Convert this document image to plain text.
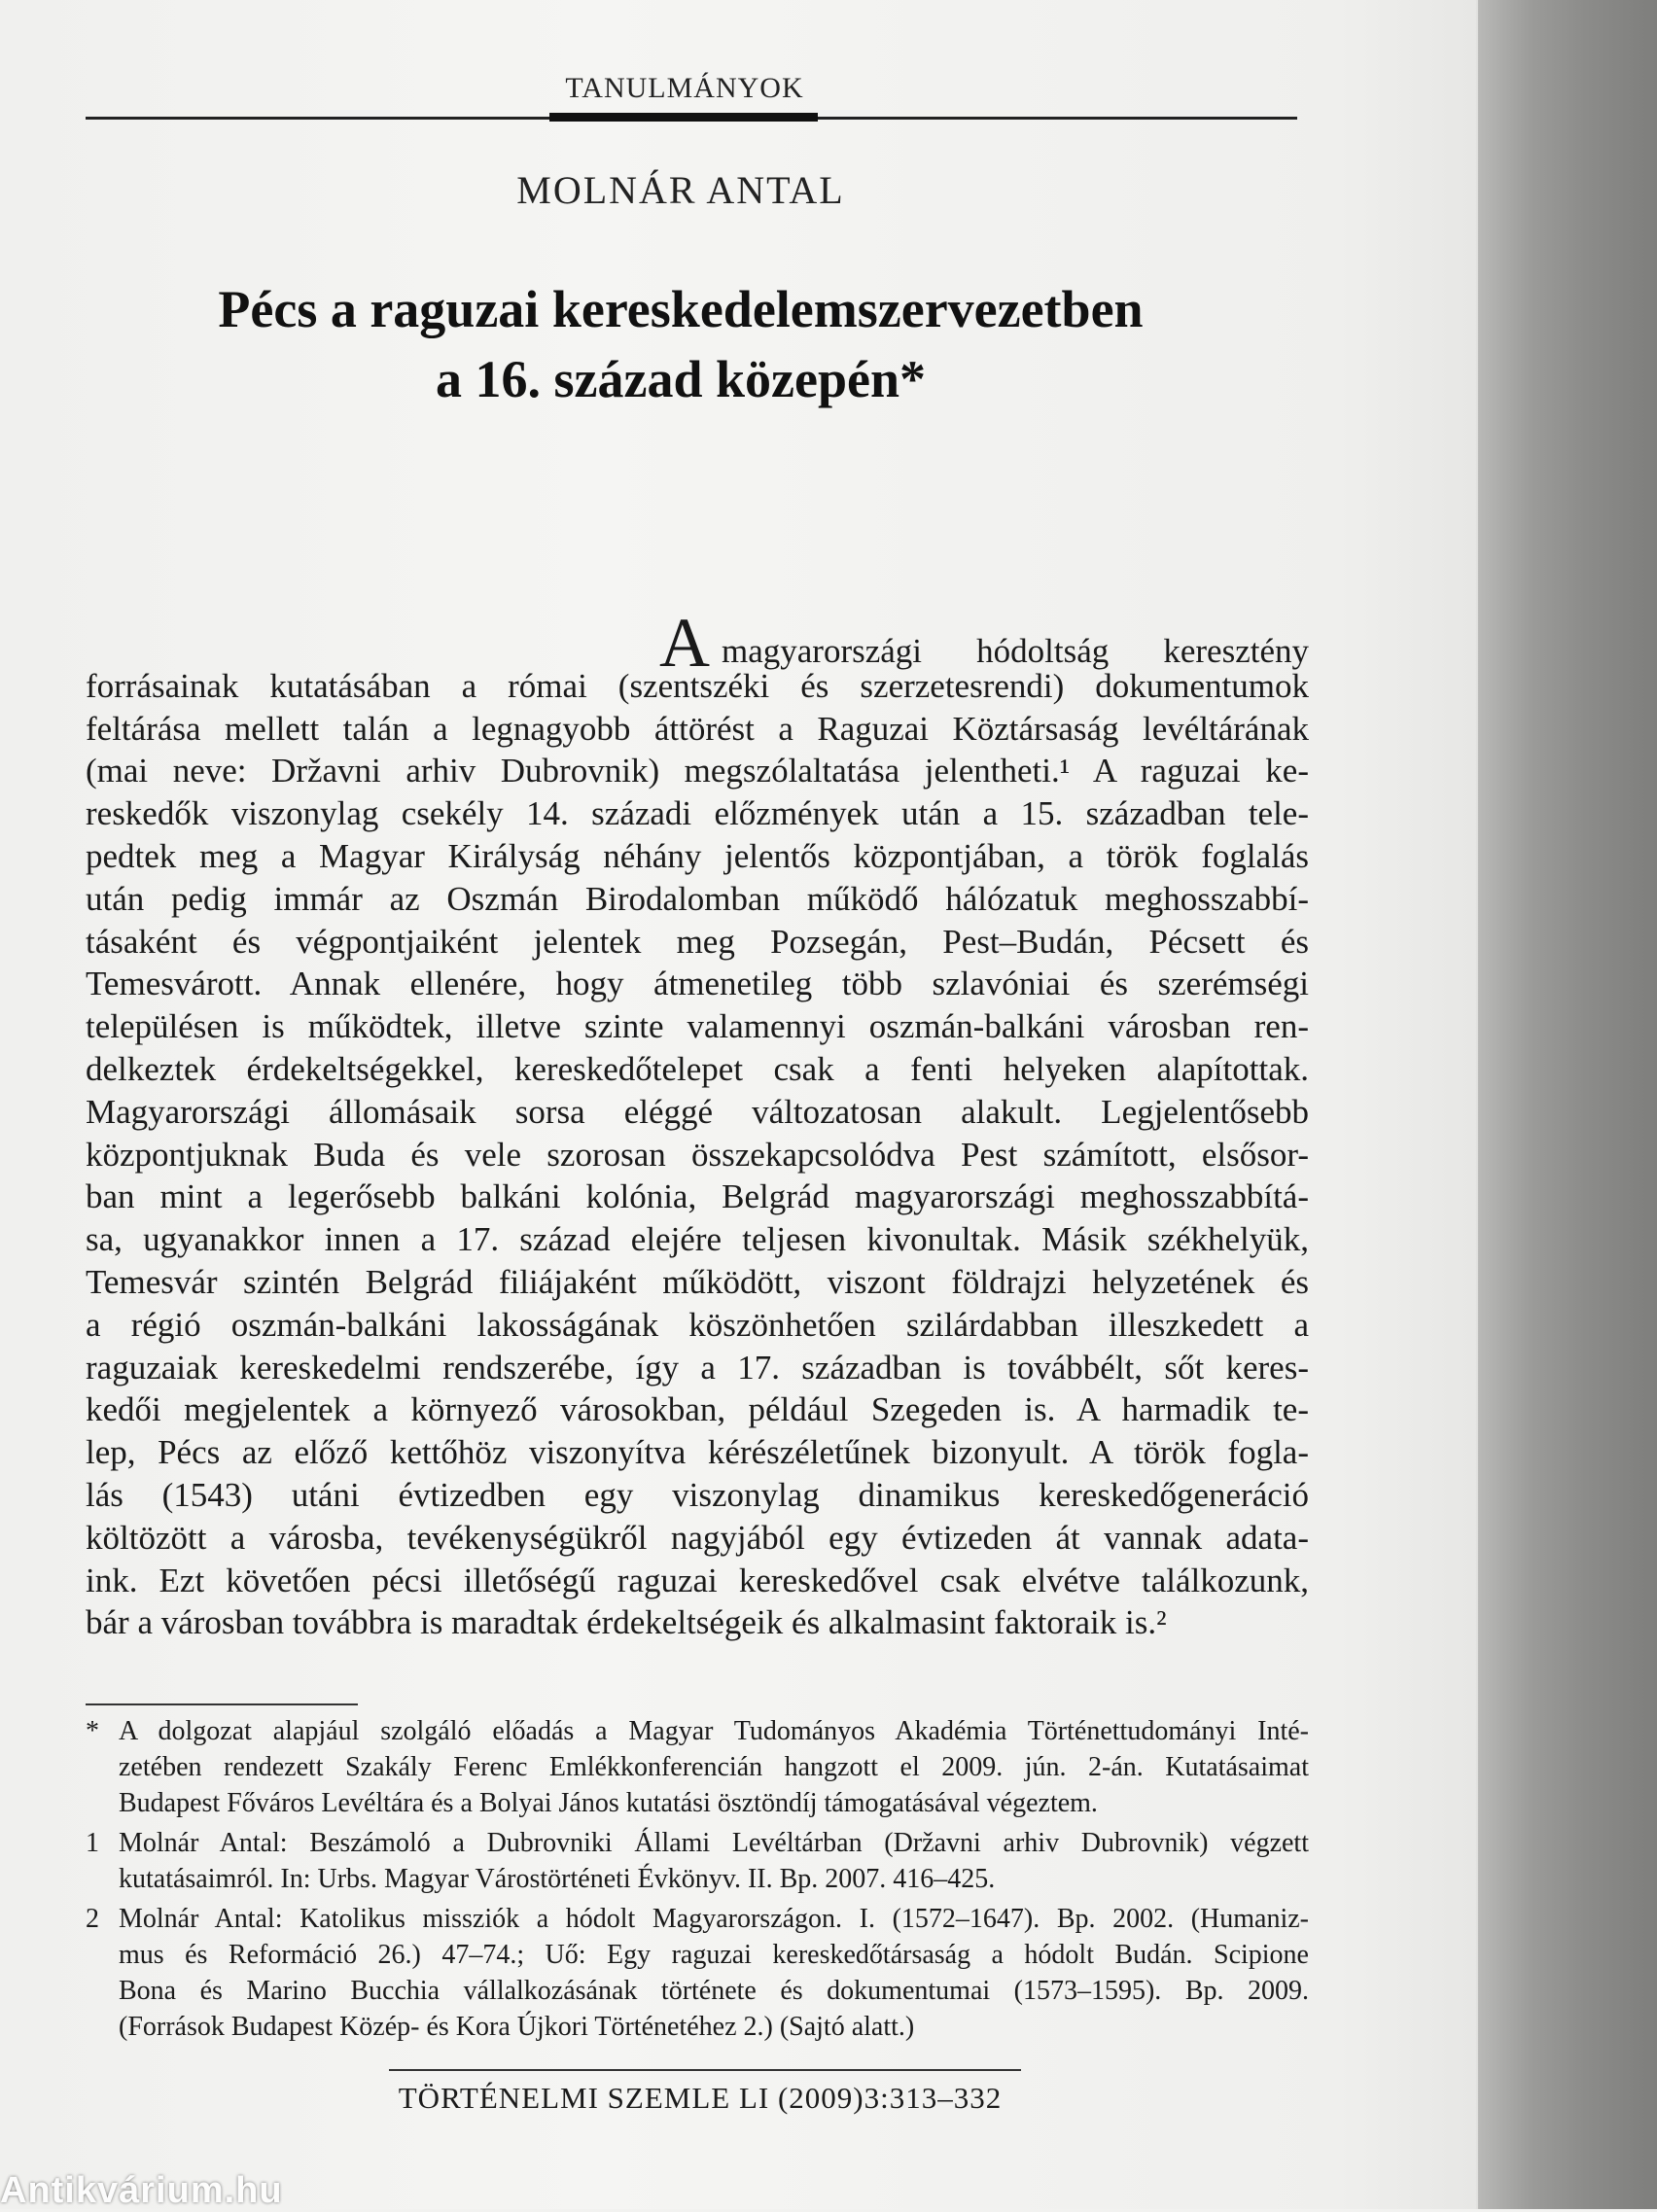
TANULMÁNYOK
MOLNÁR ANTAL
Pécs a raguzai kereskedelemszervezetben
a 16. század közepén*
Amagyarországi hódoltság keresztény
forrásainak kutatásában a római (szentszéki és szerzetesrendi) dokumentumok
feltárása mellett talán a legnagyobb áttörést a Raguzai Köztársaság levéltárának
(mai neve: Državni arhiv Dubrovnik) megszólaltatása jelentheti.¹ A raguzai ke-
reskedők viszonylag csekély 14. századi előzmények után a 15. században tele-
pedtek meg a Magyar Királyság néhány jelentős központjában, a török foglalás
után pedig immár az Oszmán Birodalomban működő hálózatuk meghosszabbí-
tásaként és végpontjaiként jelentek meg Pozsegán, Pest–Budán, Pécsett és
Temesvárott. Annak ellenére, hogy átmenetileg több szlavóniai és szerémségi
településen is működtek, illetve szinte valamennyi oszmán-balkáni városban ren-
delkeztek érdekeltségekkel, kereskedőtelepet csak a fenti helyeken alapítottak.
Magyarországi állomásaik sorsa eléggé változatosan alakult. Legjelentősebb
központjuknak Buda és vele szorosan összekapcsolódva Pest számított, elsősor-
ban mint a legerősebb balkáni kolónia, Belgrád magyarországi meghosszabbítá-
sa, ugyanakkor innen a 17. század elejére teljesen kivonultak. Másik székhelyük,
Temesvár szintén Belgrád filiájaként működött, viszont földrajzi helyzetének és
a régió oszmán-balkáni lakosságának köszönhetően szilárdabban illeszkedett a
raguzaiak kereskedelmi rendszerébe, így a 17. században is továbbélt, sőt keres-
kedői megjelentek a környező városokban, például Szegeden is. A harmadik te-
lep, Pécs az előző kettőhöz viszonyítva kérészéletűnek bizonyult. A török fogla-
lás (1543) utáni évtizedben egy viszonylag dinamikus kereskedőgeneráció
költözött a városba, tevékenységükről nagyjából egy évtizeden át vannak adata-
ink. Ezt követően pécsi illetőségű raguzai kereskedővel csak elvétve találkozunk,
bár a városban továbbra is maradtak érdekeltségeik és alkalmasint faktoraik is.²
* A dolgozat alapjául szolgáló előadás a Magyar Tudományos Akadémia Történettudományi Inté-
zetében rendezett Szakály Ferenc Emlékkonferencián hangzott el 2009. jún. 2-án. Kutatásaimat
Budapest Főváros Levéltára és a Bolyai János kutatási ösztöndíj támogatásával végeztem.
1 Molnár Antal: Beszámoló a Dubrovniki Állami Levéltárban (Državni arhiv Dubrovnik) végzett
kutatásaimról. In: Urbs. Magyar Várostörténeti Évkönyv. II. Bp. 2007. 416–425.
2 Molnár Antal: Katolikus missziók a hódolt Magyarországon. I. (1572–1647). Bp. 2002. (Humaniz-
mus és Reformáció 26.) 47–74.; Uő: Egy raguzai kereskedőtársaság a hódolt Budán. Scipione
Bona és Marino Bucchia vállalkozásának története és dokumentumai (1573–1595). Bp. 2009.
(Források Budapest Közép- és Kora Újkori Történetéhez 2.) (Sajtó alatt.)
TÖRTÉNELMI SZEMLE LI (2009)3:313–332
Antikvárium.hu
